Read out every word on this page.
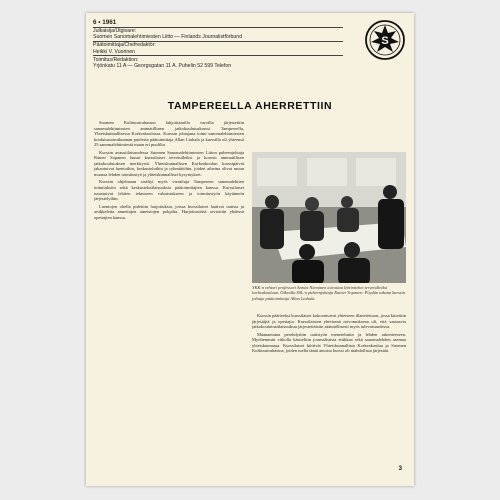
6 • 1961
Julkaisija/Utgivare:
Suomen Sanomalehtimiesten Liitto — Finlands Journalistförbund
Päätoimittaja/Chefredaktör:
Heikki V. Vuorinen
Toimitus/Redaktion:
Yrjönkatu 11 A — Georgsgatan 11 A. Puhelin 52 599 Telefon
S
TAMPEREELLA AHERRETTIIN

Suomen Kulttuurirahaston lahjoittamilla varoilla järjestettiin sanomalehtimiesten ammatillinen jatkokoulutuskurssi Tampereella, Yhteiskunnallisessa Korkeakoulussa. Kurssin johtajana toimi sanomalehtimiesten koulutustoimikunnan puolesta päätoimittaja Allan Liuhala ja kurssilla oli yhteensä 25 sanomalehtimiestä maan eri puolilta.

Kurssin avaustilaisuudessa Suomen Sanomalehtimiesten Liiton puheenjohtaja Rainer Sopanen lausui kurssilaiset tervetulleiksi ja korosti ammatillisen jatkokoulutuksen merkitystä. Yhteiskunnallisen Korkeakoulun kurssipäivät jakautuivat luentoihin, keskusteluihin ja ryhmätöihin, joiden aiheina olivat muun muassa lehden toimitustyö ja yhteiskunnalliset kysymykset.

Kurssin ohjelmaan sisältyi myös vierailuja Tampereen sanomalehtien toimituksiin sekä keskustelutilaisuuksia päätoimittajien kanssa. Kurssilaiset tutustuivat lehtien tekniseen valmistukseen ja toimitustyön käytännön järjestelyihin.

Luentojen ohella pidettiin harjoituksia, joissa kurssilaiset laativat uutisia ja artikkeleita annettujen aineistojen pohjalta. Harjoitustöitä arvioitiin yhdessä opettajien kanssa.

YKK:n rehtori professori Armas Nieminen toivottaa lehtimiehet tervetulleiksi korkeakouluun. Oikealla SSL:n puheenjohtaja Rainer Sopanen. Pöydän takana kurssin johtaja päätoimittaja Allan Liuhala.

Kurssin päätteeksi kurssilaiset kokoontuivat yhteiseen illanviettoon, jossa kiitettiin järjestäjiä ja opettajia. Kurssilaisten yhteisenä toivomuksena oli, että vastaavia jatkokoulutustilaisuuksia järjestettäisiin säännöllisesti myös tulevaisuudessa.

Maanantaina perehdyttiin uutistyön menetelmiin ja lehden rakenteeseen. Myöhemmin viikolla käsiteltiin journalistista etiikkaa sekä sanomalehden asemaa yhteiskunnassa. Kurssilaiset kiittivät Yhteiskunnallista Korkeakoulua ja Suomen Kulttuurirahastoa, joiden tuella tämä antoisa kurssi oli mahdollista järjestää.

3
